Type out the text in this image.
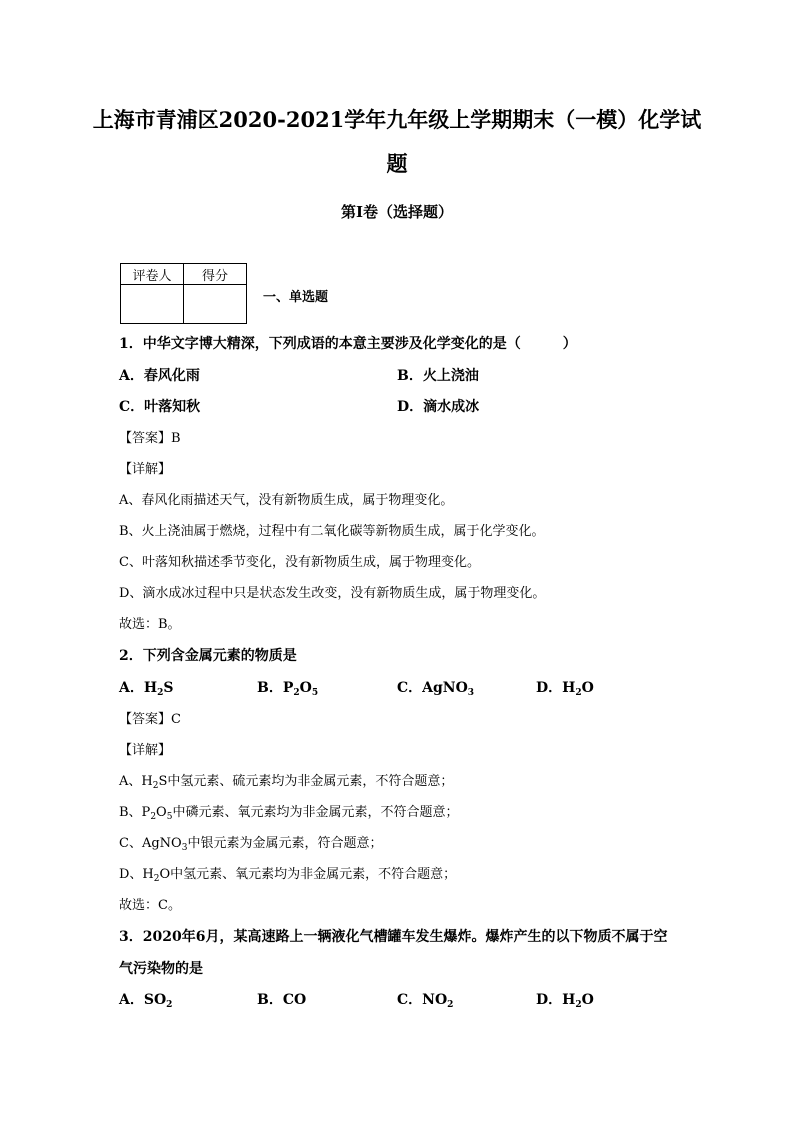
上海市青浦区2020-2021学年九年级上学期期末（一模）化学试
题
第I卷（选择题）
评卷人	得分

一、单选题
1．中华文字博大精深，下列成语的本意主要涉及化学变化的是（　　　）
A．春风化雨	B．火上浇油
C．叶落知秋	D．滴水成冰
【答案】B
【详解】
A、春风化雨描述天气，没有新物质生成，属于物理变化。
B、火上浇油属于燃烧，过程中有二氧化碳等新物质生成，属于化学变化。
C、叶落知秋描述季节变化，没有新物质生成，属于物理变化。
D、滴水成冰过程中只是状态发生改变，没有新物质生成，属于物理变化。
故选：B。
2．下列含金属元素的物质是
A．$H_2S$	B．$P_2O_5$	C．AgNO$_3$	D．$H_2O$
【答案】C
【详解】
A、$H_2S$中氢元素、硫元素均为非金属元素，不符合题意；
B、$P_2O_5$中磷元素、氧元素均为非金属元素，不符合题意；
C、AgNO$_3$中银元素为金属元素，符合题意；
D、$H_2O$中氢元素、氧元素均为非金属元素，不符合题意；
故选：C。
3．2020年6月，某高速路上一辆液化气槽罐车发生爆炸。爆炸产生的以下物质不属于空
气污染物的是
A．$SO_2$	B．CO	C．$NO_2$	D．$H_2O$
